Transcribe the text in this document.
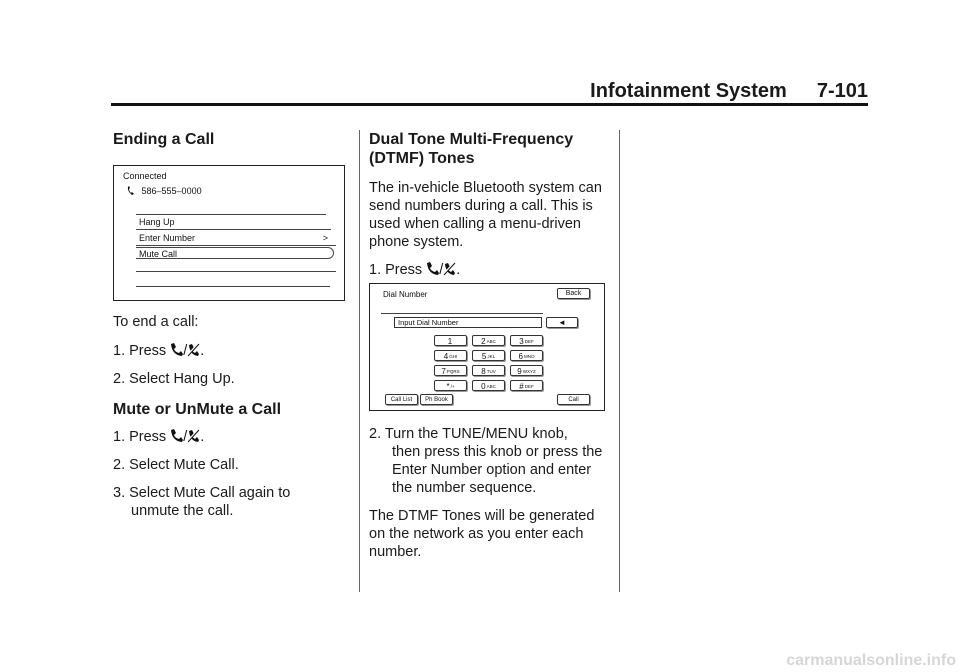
Infotainment System 7-101
Ending a Call
Connected
586–555–0000
Hang Up
Enter Number	>
Mute Call

To end a call:

1. Press / .

2. Select Hang Up.

Mute or UnMute a Call

1. Press / .

2. Select Mute Call.

3. Select Mute Call again to

unmute the call.

Dual Tone Multi-Frequency
(DTMF) Tones

The in-vehicle Bluetooth system can

send numbers during a call. This is

used when calling a menu-driven

phone system.

1. Press / .

Dial Number	Back
Input Dial Number	◄
1	$2^{ABC}$	$3^{DEF}$
$4^{GHI}$	$5^{JKL}$	$6^{MNO}$
$7^{PQRS}$	$8^{TUV}$	$9^{WXYZ}$
*/+	$0^{ABC}$	#$^{DEF}$
Call List	Ph Book	Call

2. Turn the TUNE/MENU knob,

then press this knob or press the

Enter Number option and enter

the number sequence.

The DTMF Tones will be generated

on the network as you enter each

number.

carmanualsonline.info
